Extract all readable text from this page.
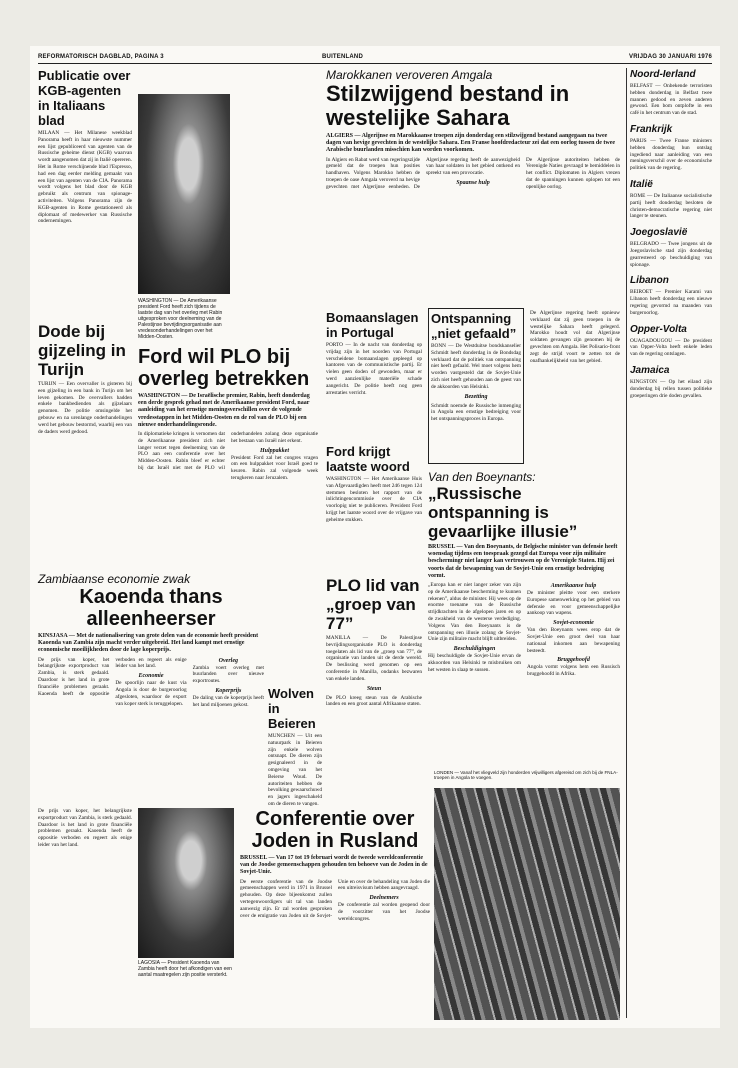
REFORMATORISCH DAGBLAD, PAGINA 3	BUITENLAND	VRIJDAG 30 JANUARI 1976
Publicatie over KGB-agenten in Italiaans blad
MILAAN — Het Milanese weekblad Panorama heeft in haar nieuwste nummer een lijst gepubliceerd van agenten van de Russische geheime dienst (KGB) waarvan wordt aangenomen dat zij in Italië opereren. Het in Rome verschijnende blad l'Espresso, had een dag eerder melding gemaakt van een lijst van agenten van de CIA. Panorama wordt volgens het blad door de KGB gebruikt als centrum van spionage-activiteiten. Volgens Panorama zijn de KGB-agenten in Rome gestationeerd als diplomaat of medewerker van Russische ondernemingen.
Dode bij gijzeling in Turijn
TURIJN — Een overvaller is gisteren bij een gijzeling in een bank in Turijn om het leven gekomen. De overvallers hadden enkele bankbedienden als gijzelaars genomen. De politie omsingelde het gebouw en na urenlange onderhandelingen werd het gebouw bestormd, waarbij een van de daders werd gedood.
WASHINGTON — De Amerikaanse president Ford heeft zich tijdens de laatste dag van het overleg met Rabin uitgesproken voor deelneming van de Palestijnse bevrijdingsorganisatie aan vredesonderhandelingen over het Midden-Oosten.
Ford wil PLO bij overleg betrekken
WASHINGTON — De Israëlische premier, Rabin, heeft donderdag een derde gesprek gehad met de Amerikaanse president Ford, naar aanleiding van het ernstige meningsverschillen over de volgende vredesstappen in het Midden-Oosten en de rol van de PLO bij een nieuwe onderhandelingsronde.
In diplomatieke kringen is vernomen dat de Amerikaanse president zich niet langer verzet tegen deelneming van de PLO aan een conferentie over het Midden-Oosten. Rabin bleef er echter bij dat Israël niet met de PLO wil onderhandelen zolang deze organisatie het bestaan van Israël niet erkent.
Hulppakket
President Ford zal het congres vragen om een hulppakket voor Israël goed te keuren. Rabin zal volgende week terugkeren naar Jeruzalem.
Marokkanen veroveren Amgala
Stilzwijgend bestand in westelijke Sahara
ALGIERS — Algerijnse en Marokkaanse troepen zijn donderdag een stilzwijgend bestand aangegaan na twee dagen van hevige gevechten in de westelijke Sahara. Een Franse hoofdredacteur zei dat een oorlog tussen de twee Arabische buurlanden misschien kan worden voorkomen.
In Algiers en Rabat werd van regeringszijde gemeld dat de troepen hun posities handhaven. Volgens Marokko hebben de troepen de oase Amgala veroverd na hevige gevechten met Algerijnse eenheden. De Algerijnse regering heeft de aanwezigheid van haar soldaten in het gebied ontkend en spreekt van een provocatie.
Spaanse hulp
De Algerijnse autoriteiten hebben de Verenigde Naties gevraagd te bemiddelen in het conflict. Diplomaten in Algiers vrezen dat de spanningen kunnen oplopen tot een openlijke oorlog.
Bomaanslagen in Portugal
PORTO — In de nacht van donderdag op vrijdag zijn in het noorden van Portugal verscheidene bomaanslagen gepleegd op kantoren van de communistische partij. Er vielen geen doden of gewonden, maar er werd aanzienlijke materiële schade aangericht. De politie heeft nog geen arrestaties verricht.
Ontspanning „niet gefaald”
BONN — De Westduitse bondskanselier Schmidt heeft donderdag in de Bondsdag verklaard dat de politiek van ontspanning niet heeft gefaald. Wel moet volgens hem worden vastgesteld dat de Sovjet-Unie zich niet heeft gehouden aan de geest van de akkoorden van Helsinki.
Bezetting
Schmidt noemde de Russische inmenging in Angola een ernstige bedreiging voor het ontspanningsproces in Europa.
De Algerijnse regering heeft opnieuw verklaard dat zij geen troepen in de westelijke Sahara heeft gelegerd. Marokko houdt vol dat Algerijnse soldaten gevangen zijn genomen bij de gevechten om Amgala. Het Polisario-front zegt de strijd voort te zetten tot de onafhankelijkheid van het gebied.
Ford krijgt laatste woord
WASHINGTON — Het Amerikaanse Huis van Afgevaardigden heeft met 246 tegen 124 stemmen besloten het rapport van de inlichtingencommissie over de CIA voorlopig niet te publiceren. President Ford krijgt het laatste woord over de vrijgave van geheime stukken.
PLO lid van „groep van 77”
MANILLA — De Palestijnse bevrijdingsorganisatie PLO is donderdag toegelaten als lid van de „groep van 77”, de organisatie van landen uit de derde wereld. De beslissing werd genomen op een conferentie in Manilla, ondanks bezwaren van enkele landen.
Steun
De PLO kreeg steun van de Arabische landen en een groot aantal Afrikaanse staten.
Van den Boeynants:
„Russische ontspanning is gevaarlijke illusie”
BRUSSEL — Van den Boeynants, de Belgische minister van defensie heeft woensdag tijdens een toespraak gezegd dat Europa voor zijn militaire beschermingr niet langer kan vertrouwen op de Verenigde Staten. Hij zei voorts dat de bewapening van de Sovjet-Unie een ernstige bedreiging vormt.
„Europa kan er niet langer zeker van zijn op de Amerikaanse bescherming te kunnen rekenen”, aldus de minister. Hij wees op de enorme toename van de Russische strijdkrachten in de afgelopen jaren en op de zwakheid van de westerse verdediging. Volgens Van den Boeynants is de ontspanning een illusie zolang de Sovjet-Unie zijn militaire macht blijft uitbreiden.
Beschuldigingen
Hij beschuldigde de Sovjet-Unie ervan de akkoorden van Helsinki te misbruiken om het westen in slaap te sussen.
Amerikaanse hulp
De minister pleitte voor een sterkere Europese samenwerking op het gebied van defensie en voor gemeenschappelijke aankoop van wapens.
Sovjet-economie
Van den Boeynants wees erop dat de Sovjet-Unie een groot deel van haar nationaal inkomen aan bewapening besteedt.
Bruggehoofd
Angola vormt volgens hem een Russisch bruggehoofd in Afrika.
Zambiaanse economie zwak
Kaoenda thans alleenheerser
KINSJASA — Met de nationalisering van grote delen van de economie heeft president Kaoenda van Zambia zijn macht verder uitgebreid. Het land kampt met ernstige economische moeilijkheden door de lage koperprijs.
De prijs van koper, het belangrijkste exportproduct van Zambia, is sterk gedaald. Daardoor is het land in grote financiële problemen geraakt. Kaoenda heeft de oppositie verboden en regeert als enige leider van het land.
Economie
De spoorlijn naar de kust via Angola is door de burgeroorlog afgesloten, waardoor de export van koper sterk is teruggelopen.
Overleg
Zambia voert overleg met buurlanden over nieuwe exportroutes.
Koperprijs
De daling van de koperprijs heeft het land miljoenen gekost.
Wolven in Beieren
MUNCHEN — Uit een natuurpark in Beieren zijn enkele wolven ontsnapt. De dieren zijn gesignaleerd in de omgeving van het Beierse Woud. De autoriteiten hebben de bevolking gewaarschuwd en jagers ingeschakeld om de dieren te vangen.
LAGOSIA — President Kaoenda van Zambia heeft door het afkondigen van een aantal maatregelen zijn positie versterkt.
De prijs van koper, het belangrijkste exportproduct van Zambia, is sterk gedaald. Daardoor is het land in grote financiële problemen geraakt. Kaoenda heeft de oppositie verboden en regeert als enige leider van het land.
Conferentie over Joden in Rusland
BRUSSEL — Van 17 tot 19 februari wordt de tweede wereldconferentie van de Joodse gemeenschappen gehouden ten behoeve van de Joden in de Sovjet-Unie.
De eerste conferentie van de Joodse gemeenschappen werd in 1971 in Brussel gehouden. Op deze bijeenkomst zullen vertegenwoordigers uit tal van landen aanwezig zijn. Er zal worden gesproken over de emigratie van Joden uit de Sovjet-Unie en over de behandeling van Joden die een uitreisvisum hebben aangevraagd.
Deelnemers
De conferentie zal worden geopend door de voorzitter van het Joodse wereldcongres.
LONDEN — Vanaf het vliegveld zijn honderden vrijwilligers afgereisd om zich bij de FNLA-troepen in Angola te voegen.
Noord-Ierland
BELFAST — Onbekende terroristen hebben donderdag in Belfast twee mannen gedood en zeven anderen gewond. Een bom ontplofte in een café in het centrum van de stad.
Frankrijk
PARIJS — Twee Franse ministers hebben donderdag hun ontslag ingediend naar aanleiding van een meningsverschil over de economische politiek van de regering.
Italië
ROME — De Italiaanse socialistische partij heeft donderdag besloten de christen-democratische regering niet langer te steunen.
Joegoslavië
BELGRADO — Twee jongens uit de Joegoslavische stad zijn donderdag gearresteerd op beschuldiging van spionage.
Libanon
BEIROET — Premier Karami van Libanon heeft donderdag een nieuwe regering gevormd na maanden van burgeroorlog.
Opper-Volta
OUAGADOUGOU — De president van Opper-Volta heeft enkele leden van de regering ontslagen.
Jamaica
KINGSTON — Op het eiland zijn donderdag bij rellen tussen politieke groeperingen drie doden gevallen.
